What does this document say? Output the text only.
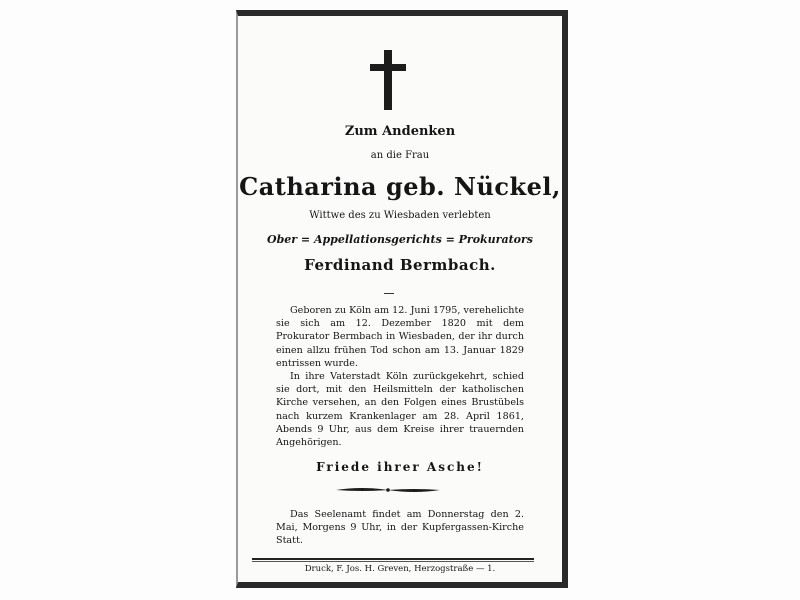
Zum Andenken
an die Frau
Catharina geb. Nückel,
Wittwe des zu Wiesbaden verlebten
Ober = Appellationsgerichts = Prokurators
Ferdinand Bermbach.

Geboren zu Köln am 12. Juni 1795, verehelichte sie sich am 12. Dezember 1820 mit dem Prokurator Bermbach in Wiesbaden, der ihr durch einen allzu frühen Tod schon am 13. Januar 1829 entrissen wurde.

In ihre Vaterstadt Köln zurückgekehrt, schied sie dort, mit den Heilsmitteln der katholischen Kirche versehen, an den Folgen eines Brustübels nach kurzem Krankenlager am 28. April 1861, Abends 9 Uhr, aus dem Kreise ihrer trauernden Angehörigen.

Friede ihrer Asche!

Das Seelenamt findet am Donnerstag den 2. Mai, Morgens 9 Uhr, in der Kupfergassen-Kirche Statt.

Druck, F. Jos. H. Greven, Herzogstraße — 1.
